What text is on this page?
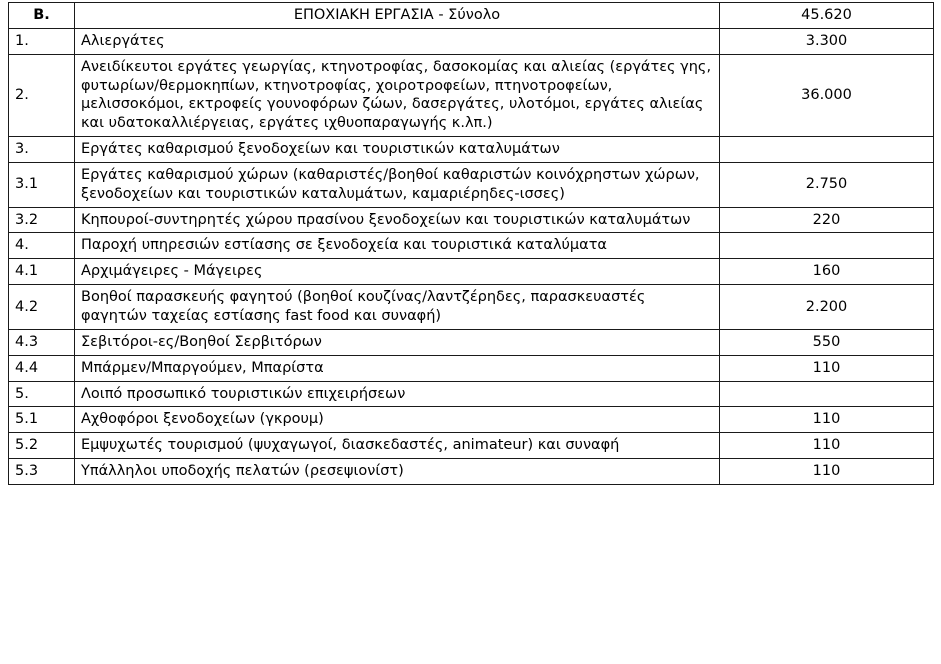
Β.	ΕΠΟΧΙΑΚΗ ΕΡΓΑΣΙΑ - Σύνολο	45.620
1.	Αλιεργάτες	3.300
2.	Ανειδίκευτοι εργάτες γεωργίας, κτηνοτροφίας, δασοκομίας και αλιείας (εργάτες γης, φυτωρίων/θερμοκηπίων, κτηνοτροφίας, χοιροτροφείων, πτηνοτροφείων, μελισσοκόμοι, εκτροφείς γουνοφόρων ζώων, δασεργάτες, υλοτόμοι, εργάτες αλιείας και υδατοκαλλιέργειας, εργάτες ιχθυοπαραγωγής κ.λπ.)	36.000
3.	Εργάτες καθαρισμού ξενοδοχείων και τουριστικών καταλυμάτων	
3.1	Εργάτες καθαρισμού χώρων (καθαριστές/βοηθοί καθαριστών κοινόχρηστων χώρων, ξενοδοχείων και τουριστικών καταλυμάτων, καμαριέρηδες-ισσες)	2.750
3.2	Κηπουροί-συντηρητές χώρου πρασίνου ξενοδοχείων και τουριστικών καταλυμάτων	220
4.	Παροχή υπηρεσιών εστίασης σε ξενοδοχεία και τουριστικά καταλύματα	
4.1	Αρχιμάγειρες - Μάγειρες	160
4.2	Βοηθοί παρασκευής φαγητού (βοηθοί κουζίνας/λαντζέρηδες, παρασκευαστές φαγητών ταχείας εστίασης fast food και συναφή)	2.200
4.3	Σεβιτόροι-ες/Βοηθοί Σερβιτόρων	550
4.4	Μπάρμεν/Μπαργούμεν, Μπαρίστα	110
5.	Λοιπό προσωπικό τουριστικών επιχειρήσεων	
5.1	Αχθοφόροι ξενοδοχείων (γκρουμ)	110
5.2	Εμψυχωτές τουρισμού (ψυχαγωγοί, διασκεδαστές, animateur) και συναφή	110
5.3	Υπάλληλοι υποδοχής πελατών (ρεσεψιονίστ)	110
